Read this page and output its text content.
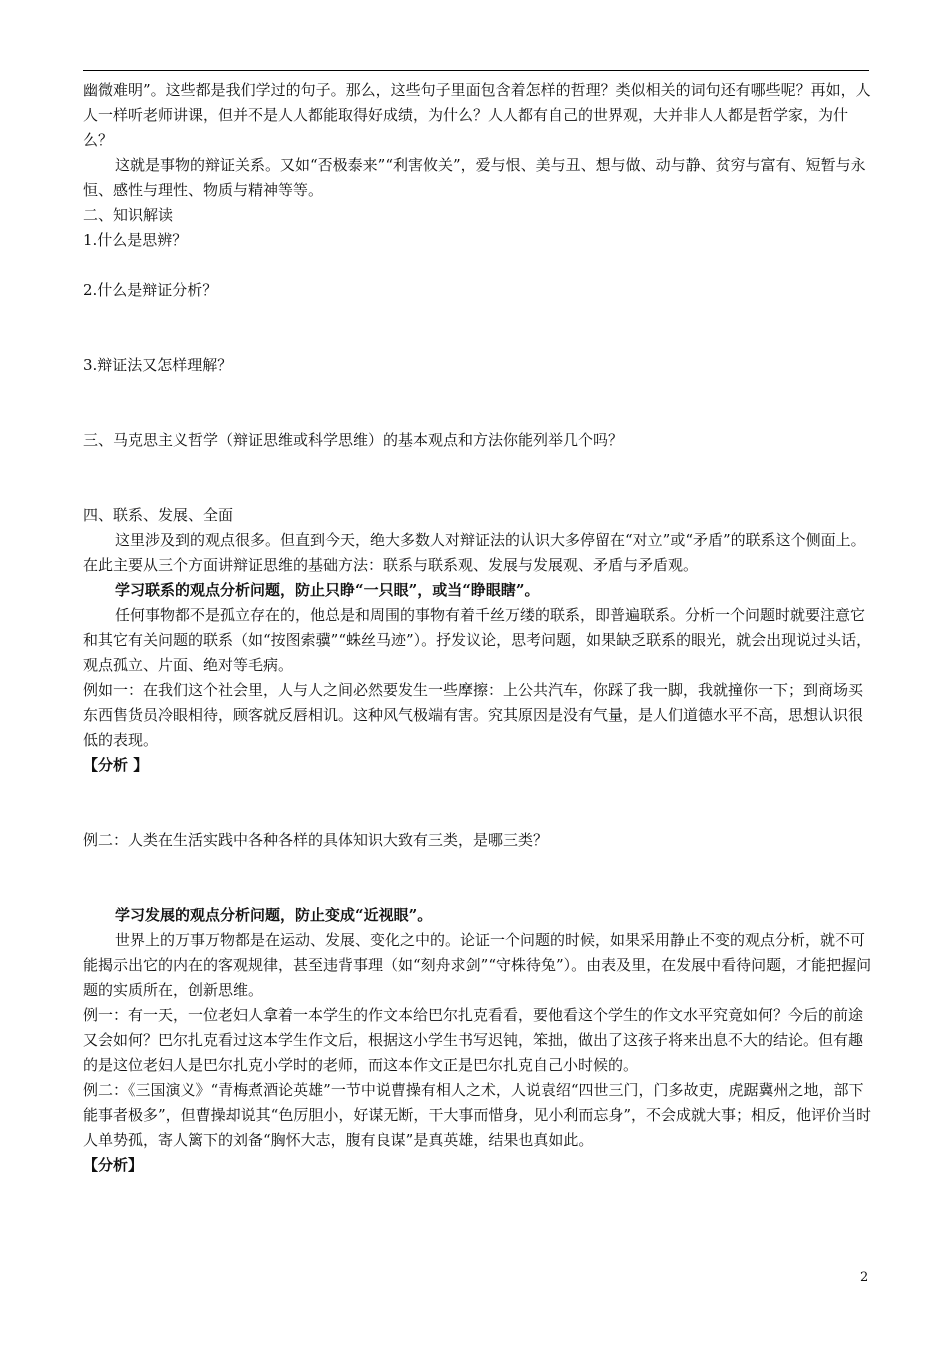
幽微难明”。这些都是我们学过的句子。那么，这些句子里面包含着怎样的哲理？类似相关的词句还有哪些呢？再如，人人一样听老师讲课，但并不是人人都能取得好成绩，为什么？人人都有自己的世界观，大并非人人都是哲学家，为什么？

这就是事物的辩证关系。又如“否极泰来”“利害攸关”，爱与恨、美与丑、想与做、动与静、贫穷与富有、短暂与永恒、感性与理性、物质与精神等等。

二、知识解读

1.什么是思辨？

2.什么是辩证分析？

3.辩证法又怎样理解？

三、马克思主义哲学（辩证思维或科学思维）的基本观点和方法你能列举几个吗？

四、联系、发展、全面

这里涉及到的观点很多。但直到今天，绝大多数人对辩证法的认识大多停留在“对立”或“矛盾”的联系这个侧面上。在此主要从三个方面讲辩证思维的基础方法：联系与联系观、发展与发展观、矛盾与矛盾观。

学习联系的观点分析问题，防止只睁“一只眼”，或当“睁眼瞎”。

任何事物都不是孤立存在的，他总是和周围的事物有着千丝万缕的联系，即普遍联系。分析一个问题时就要注意它和其它有关问题的联系（如“按图索骥”“蛛丝马迹”）。抒发议论，思考问题，如果缺乏联系的眼光，就会出现说过头话，观点孤立、片面、绝对等毛病。

例如一：在我们这个社会里，人与人之间必然要发生一些摩擦：上公共汽车，你踩了我一脚，我就撞你一下；到商场买东西售货员冷眼相待，顾客就反唇相讥。这种风气极端有害。究其原因是没有气量，是人们道德水平不高，思想认识很低的表现。

【分析 】

例二：人类在生活实践中各种各样的具体知识大致有三类，是哪三类？

学习发展的观点分析问题，防止变成“近视眼”。

世界上的万事万物都是在运动、发展、变化之中的。论证一个问题的时候，如果采用静止不变的观点分析，就不可能揭示出它的内在的客观规律，甚至违背事理（如“刻舟求剑”“守株待兔”）。由表及里，在发展中看待问题，才能把握问题的实质所在，创新思维。

例一：有一天，一位老妇人拿着一本学生的作文本给巴尔扎克看看，要他看这个学生的作文水平究竟如何？今后的前途又会如何？巴尔扎克看过这本学生作文后，根据这小学生书写迟钝，笨拙，做出了这孩子将来出息不大的结论。但有趣的是这位老妇人是巴尔扎克小学时的老师，而这本作文正是巴尔扎克自己小时候的。

例二：《三国演义》“青梅煮酒论英雄”一节中说曹操有相人之术，人说袁绍“四世三门，门多故吏，虎踞冀州之地，部下能事者极多”，但曹操却说其“色厉胆小，好谋无断，干大事而惜身，见小利而忘身”，不会成就大事；相反，他评价当时人单势孤，寄人篱下的刘备“胸怀大志，腹有良谋”是真英雄，结果也真如此。

【分析】

2
